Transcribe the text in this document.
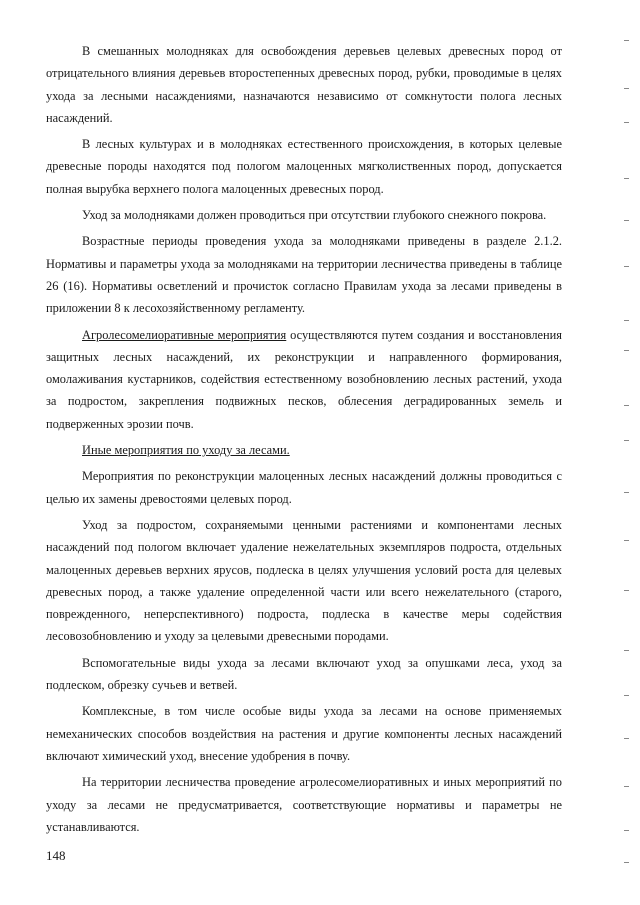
В смешанных молодняках для освобождения деревьев целевых древесных пород от отрицательного влияния деревьев второстепенных древесных пород, рубки, проводимые в целях ухода за лесными насаждениями, назначаются независимо от сомкнутости полога лесных насаждений.

В лесных культурах и в молодняках естественного происхождения, в которых целевые древесные породы находятся под пологом малоценных мягколиственных пород, допускается полная вырубка верхнего полога малоценных древесных пород.

Уход за молодняками должен проводиться при отсутствии глубокого снежного покрова.

Возрастные периоды проведения ухода за молодняками приведены в разделе 2.1.2. Нормативы и параметры ухода за молодняками на территории лесничества приведены в таблице 26 (16). Нормативы осветлений и прочисток согласно Правилам ухода за лесами приведены в приложении 8 к лесохозяйственному регламенту.

Агролесомелиоративные мероприятия осуществляются путем создания и восстановления защитных лесных насаждений, их реконструкции и направленного формирования, омолаживания кустарников, содействия естественному возобновлению лесных растений, ухода за подростом, закрепления подвижных песков, облесения деградированных земель и подверженных эрозии почв.

Иные мероприятия по уходу за лесами.

Мероприятия по реконструкции малоценных лесных насаждений должны проводиться с целью их замены древостоями целевых пород.

Уход за подростом, сохраняемыми ценными растениями и компонентами лесных насаждений под пологом включает удаление нежелательных экземпляров подроста, отдельных малоценных деревьев верхних ярусов, подлеска в целях улучшения условий роста для целевых древесных пород, а также удаление определенной части или всего нежелательного (старого, поврежденного, неперспективного) подроста, подлеска в качестве меры содействия лесовозобновлению и уходу за целевыми древесными породами.

Вспомогательные виды ухода за лесами включают уход за опушками леса, уход за подлеском, обрезку сучьев и ветвей.

Комплексные, в том числе особые виды ухода за лесами на основе применяемых немеханических способов воздействия на растения и другие компоненты лесных насаждений включают химический уход, внесение удобрения в почву.

На территории лесничества проведение агролесомелиоративных и иных мероприятий по уходу за лесами не предусматривается, соответствующие нормативы и параметры не устанавливаются.

148
